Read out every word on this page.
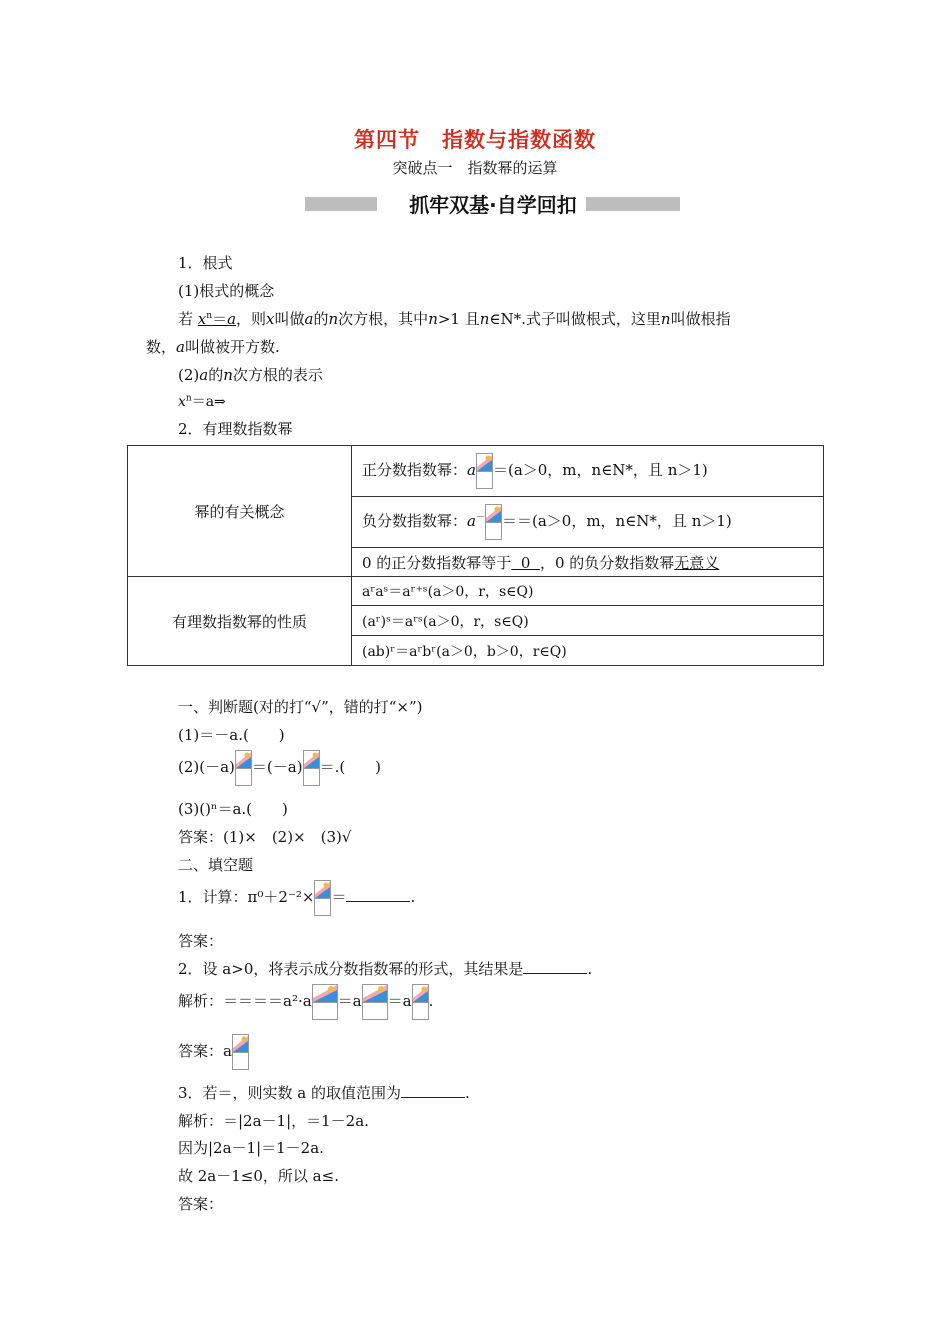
第四节　指数与指数函数
突破点一　指数幂的运算
抓牢双基·自学回扣
1．根式
(1)根式的概念
若 $x^n=a$，则x叫做a的n次方根，其中n>1 且n∈N*.式子叫做根式，这里n叫做根指
数，a叫做被开方数.
(2)a的n次方根的表示
$x^n=a\Rightarrow$
2．有理数指数幂
幂的有关概念	正分数指数幂：a ＝(a＞0，m，n∈N*，且 n＞1)
	负分数指数幂：a－ ＝＝(a＞0，m，n∈N*，且 n＞1)
	0 的正分数指数幂等于 0 ，0 的负分数指数幂无意义
有理数指数幂的性质	aʳaˢ＝aʳ⁺ˢ(a＞0，r，s∈Q)
	(aʳ)ˢ＝aʳˢ(a＞0，r，s∈Q)
	(ab)ʳ＝aʳbʳ(a＞0，b＞0，r∈Q)
一、判断题(对的打“√”，错的打“×”)
(1)＝－a.(　　)
(2)(－a) ＝(－a) ＝.(　　)
(3)()ⁿ＝a.(　　)
答案：(1)×　(2)×　(3)√
二、填空题
1．计算：π⁰＋2⁻²× ＝	.
答案：
2．设 a>0，将表示成分数指数幂的形式，其结果是	.
解析：＝＝＝＝a²·a ＝a ＝a .
答案：a
3．若＝，则实数 a 的取值范围为	.
解析：＝|2a－1|，＝1－2a.
因为|2a－1|＝1－2a.
故 2a－1≤0，所以 a≤.
答案：
